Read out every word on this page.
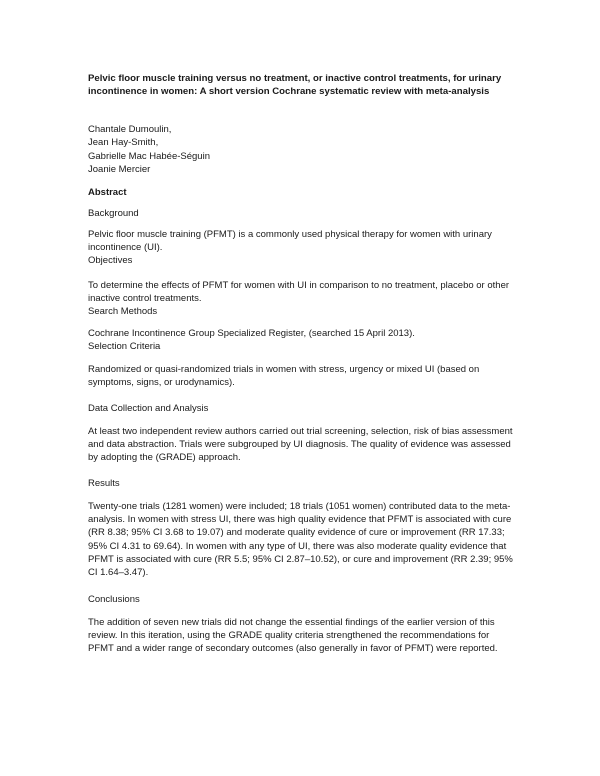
Pelvic floor muscle training versus no treatment, or inactive control treatments, for urinary incontinence in women: A short version Cochrane systematic review with meta-analysis
Chantale Dumoulin,
Jean Hay-Smith,
Gabrielle Mac Habée-Séguin
Joanie Mercier
Abstract
Background
Pelvic floor muscle training (PFMT) is a commonly used physical therapy for women with urinary incontinence (UI).
Objectives
To determine the effects of PFMT for women with UI in comparison to no treatment, placebo or other inactive control treatments.
Search Methods
Cochrane Incontinence Group Specialized Register, (searched 15 April 2013).
Selection Criteria
Randomized or quasi-randomized trials in women with stress, urgency or mixed UI (based on symptoms, signs, or urodynamics).
Data Collection and Analysis
At least two independent review authors carried out trial screening, selection, risk of bias assessment and data abstraction. Trials were subgrouped by UI diagnosis. The quality of evidence was assessed by adopting the (GRADE) approach.
Results
Twenty-one trials (1281 women) were included; 18 trials (1051 women) contributed data to the meta-analysis. In women with stress UI, there was high quality evidence that PFMT is associated with cure (RR 8.38; 95% CI 3.68 to 19.07) and moderate quality evidence of cure or improvement (RR 17.33; 95% CI 4.31 to 69.64). In women with any type of UI, there was also moderate quality evidence that PFMT is associated with cure (RR 5.5; 95% CI 2.87–10.52), or cure and improvement (RR 2.39; 95% CI 1.64–3.47).
Conclusions
The addition of seven new trials did not change the essential findings of the earlier version of this review. In this iteration, using the GRADE quality criteria strengthened the recommendations for PFMT and a wider range of secondary outcomes (also generally in favor of PFMT) were reported.
